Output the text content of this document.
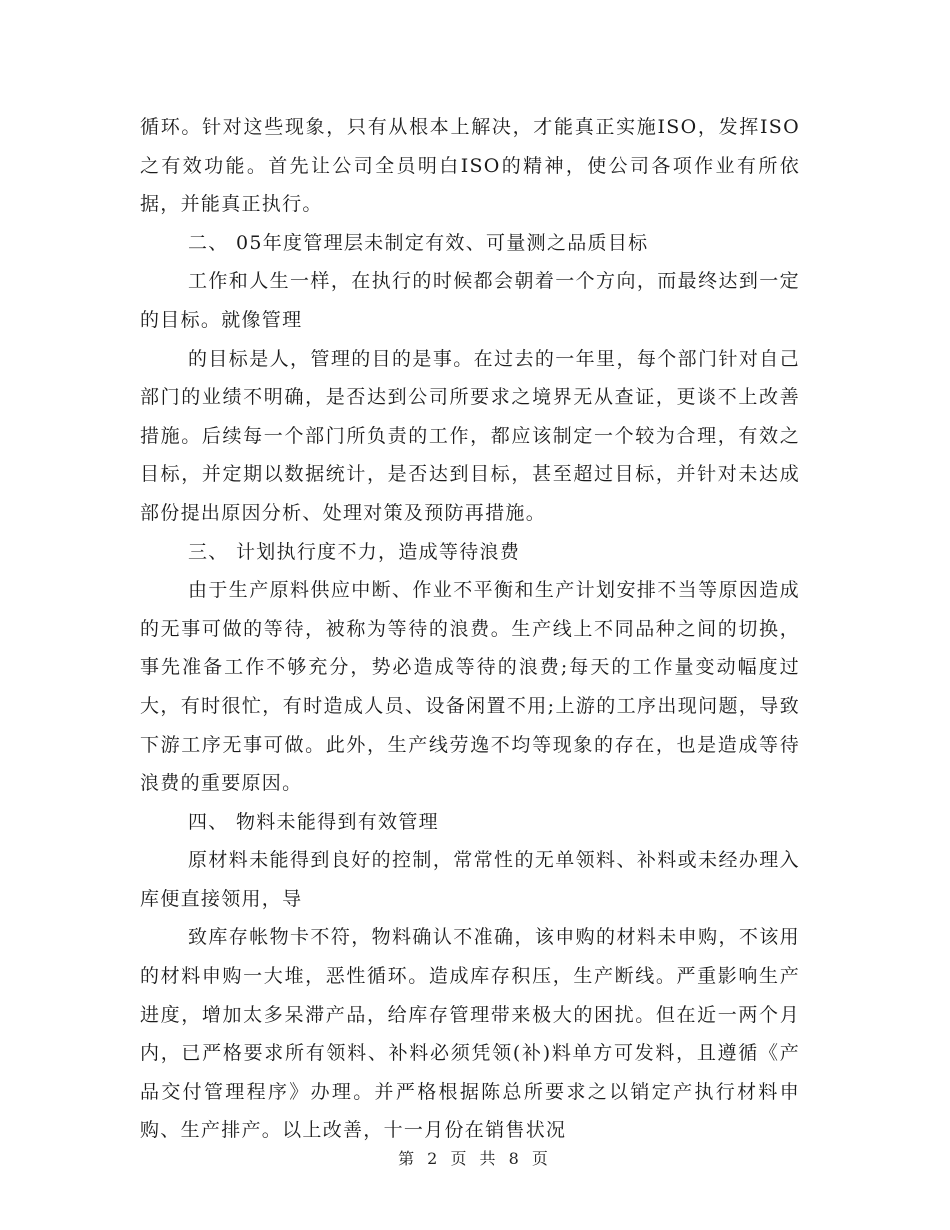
循环。针对这些现象，只有从根本上解决，才能真正实施ISO，发挥ISO之有效功能。首先让公司全员明白ISO的精神，使公司各项作业有所依据，并能真正执行。

二、 05年度管理层未制定有效、可量测之品质目标

工作和人生一样，在执行的时候都会朝着一个方向，而最终达到一定的目标。就像管理

的目标是人，管理的目的是事。在过去的一年里，每个部门针对自己部门的业绩不明确，是否达到公司所要求之境界无从查证，更谈不上改善措施。后续每一个部门所负责的工作，都应该制定一个较为合理，有效之目标，并定期以数据统计，是否达到目标，甚至超过目标，并针对未达成部份提出原因分析、处理对策及预防再措施。

三、 计划执行度不力，造成等待浪费

由于生产原料供应中断、作业不平衡和生产计划安排不当等原因造成的无事可做的等待，被称为等待的浪费。生产线上不同品种之间的切换，事先准备工作不够充分，势必造成等待的浪费;每天的工作量变动幅度过大，有时很忙，有时造成人员、设备闲置不用;上游的工序出现问题，导致下游工序无事可做。此外，生产线劳逸不均等现象的存在，也是造成等待浪费的重要原因。

四、 物料未能得到有效管理

原材料未能得到良好的控制，常常性的无单领料、补料或未经办理入库便直接领用，导

致库存帐物卡不符，物料确认不准确，该申购的材料未申购，不该用的材料申购一大堆，恶性循环。造成库存积压，生产断线。严重影响生产进度，增加太多呆滞产品，给库存管理带来极大的困扰。但在近一两个月内，已严格要求所有领料、补料必须凭领(补)料单方可发料，且遵循《产品交付管理程序》办理。并严格根据陈总所要求之以销定产执行材料申购、生产排产。以上改善，十一月份在销售状况

第 2 页 共 8 页
